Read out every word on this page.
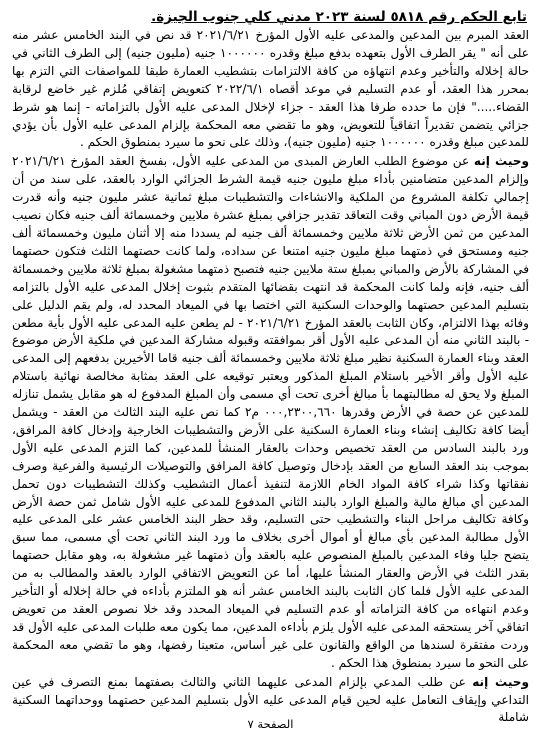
تابع الحكم رقم ٥٨١٨ لسنة ٢٠٢٣ مدني كلي جنوب الجيزة.

العقد المبرم بين المدعين والمدعى عليه الأول المؤرخ ٢٠٢١/٦/٢١ قد نص في البند الخامس عشر منه على أنه " يقر الطرف الأول بتعهده بدفع مبلغ وقدره ١٠٠٠٠٠٠ جنيه (مليون جنيه) إلى الطرف الثاني في حالة إخلاله والتأخير وعدم انتهاؤه من كافة الالتزامات بتشطيب العمارة طبقا للمواصفات التي التزم بها بمحرر هذا العقد، أو عدم التسليم في موعد أقصاه ٢٠٢٢/٦/١ كتعويض إتفاقي مُلزم غير خاضع لرقابة القضاء....." فإن ما حدده طرفا هذا العقد - جزاء لإخلال المدعى عليه الأول بالتزاماته - إنما هو شرط جزائي يتضمن تقديراً اتفاقياً للتعويض، وهو ما تقضي معه المحكمة بإلزام المدعى عليه الأول بأن يؤدي للمدعين مبلغ وقدره ١٠٠٠٠٠٠ جنيه (مليون جنيه)، وذلك على نحو ما سيرد بمنطوق الحكم .

وحيث إنه عن موضوع الطلب العارض المبدى من المدعى عليه الأول، بفسخ العقد المؤرخ ٢٠٢١/٦/٢١ وإلزام المدعين متضامنين بأداء مبلغ مليون جنيه قيمة الشرط الجزائي الوارد بالعقد، على سند من أن إجمالي تكلفة المشروع من الملكية والانشاءات والتشطيبات مبلغ ثمانية عشر مليون جنيه وأنه قدرت قيمة الأرض دون المباني وقت التعاقد تقدير جزافي بمبلغ عشرة ملايين وخمسمائة ألف جنيه فكان نصيب المدعين من ثمن الأرض ثلاثة ملايين وخمسمائة ألف جنيه لم يسددا منه إلا أثنان مليون وخمسمائة ألف جنيه ومستحق في ذمتهما مبلغ مليون جنيه امتنعا عن سداده، ولما كانت حصتهما الثلث فتكون حصتهما في المشاركة بالأرض والمباني بمبلغ ستة ملايين جنيه فتصبح ذمتهما مشغولة بمبلغ ثلاثة ملايين وخمسمائة ألف جنيه، فإنه ولما كانت المحكمة قد انتهت بقضائها المتقدم بثبوت إخلال المدعى عليه الأول بالتزامه بتسليم المدعين حصتهما والوحدات السكنية التي اختصا بها في الميعاد المحدد له، ولم يقم الدليل على وفائه بهذا الالتزام، وكان الثابت بالعقد المؤرخ ٢٠٢١/٦/٢١ - لم يطعن عليه المدعى عليه الأول بأية مطعن - بالبند الثاني منه أن المدعى عليه الأول أقر بموافقته وقبوله مشاركة المدعين في ملكية الأرض موضوع العقد وبناء العمارة السكنية نظير مبلغ ثلاثة ملايين وخمسمائة ألف جنيه قاما الأخيرين بدفعهم إلى المدعى عليه الأول وأقر الأخير باستلام المبلغ المذكور ويعتبر توقيعه على العقد بمثابة مخالصة نهائية باستلام المبلغ ولا يحق له مطالبتهما بأ مبالغ أخرى تحت أي مسمى وأن المبلغ المدفوع له هو مقابل يشمل تنازله للمدعين عن حصة في الأرض وقدرها ٠٠٠,٢٣٠٠,٦٦٠ م٢ كما نص عليه البند الثالث من العقد - ويشمل أيضا كافة تكاليف إنشاء وبناء العمارة السكنية على الأرض والتشطيبات الخارجية وإدخال كافة المرافق، ورد بالبند السادس من العقد تخصيص وحدات بالعقار المنشأ للمدعين، كما التزم المدعى عليه الأول بموجب بند العقد السابع من العقد بإدخال وتوصيل كافة المرافق والتوصيلات الرئيسية والفرعية وصرف نفقاتها وكذا شراء كافة المواد الخام اللازمة لتنفيذ أعمال التشطيب وكذلك التشطيبات دون تحمل المدعين أي مبالغ مالية والمبلغ الوارد بالبند الثاني المدفوع للمدعى عليه الأول شامل ثمن حصة الأرض وكافة تكاليف مراحل البناء والتشطيب حتى التسليم، وقد حظر البند الخامس عشر على المدعى عليه الأول مطالبة المدعين بأي مبالغ أو أموال أخرى بخلاف ما ورد البند الثاني تحت أي مسمى، مما سبق يتضح جليا وفاء المدعين بالمبلغ المنصوص عليه بالعقد وأن ذمتهما غير مشغولة به، وهو مقابل حصتهما بقدر الثلث في الأرض والعقار المنشأ عليها، أما عن التعويض الاتفاقي الوارد بالعقد والمطالب به من المدعى عليه الأول فلما كان الثابت بالبند الخامس عشر أنه هو الملتزم بأداءه في حالة إخلاله أو التأخير وعدم انتهاءه من كافة التزاماته أو عدم التسليم في الميعاد المحدد وقد خلا نصوص العقد من تعويض اتفاقي آخر يستحقه المدعى عليه الأول يلزم بأداءه المدعين، مما يكون معه طلبات المدعى عليه الأول قد وردت مفتقرة لسندها من الواقع والقانون على غير أساس، متعينا رفضها، وهو ما تقضي معه المحكمة على النحو ما سيرد بمنطوق هذا الحكم .

وحيث إنه عن طلب المدعي بإلزام المدعى عليهما الثاني والثالث بصفتهما بمنع التصرف في عين التداعي وإيقاف التعامل عليه لحين قيام المدعى عليه الأول بتسليم المدعين حصتهما ووحداتهما السكنية شاملة

الصفحة ٧
